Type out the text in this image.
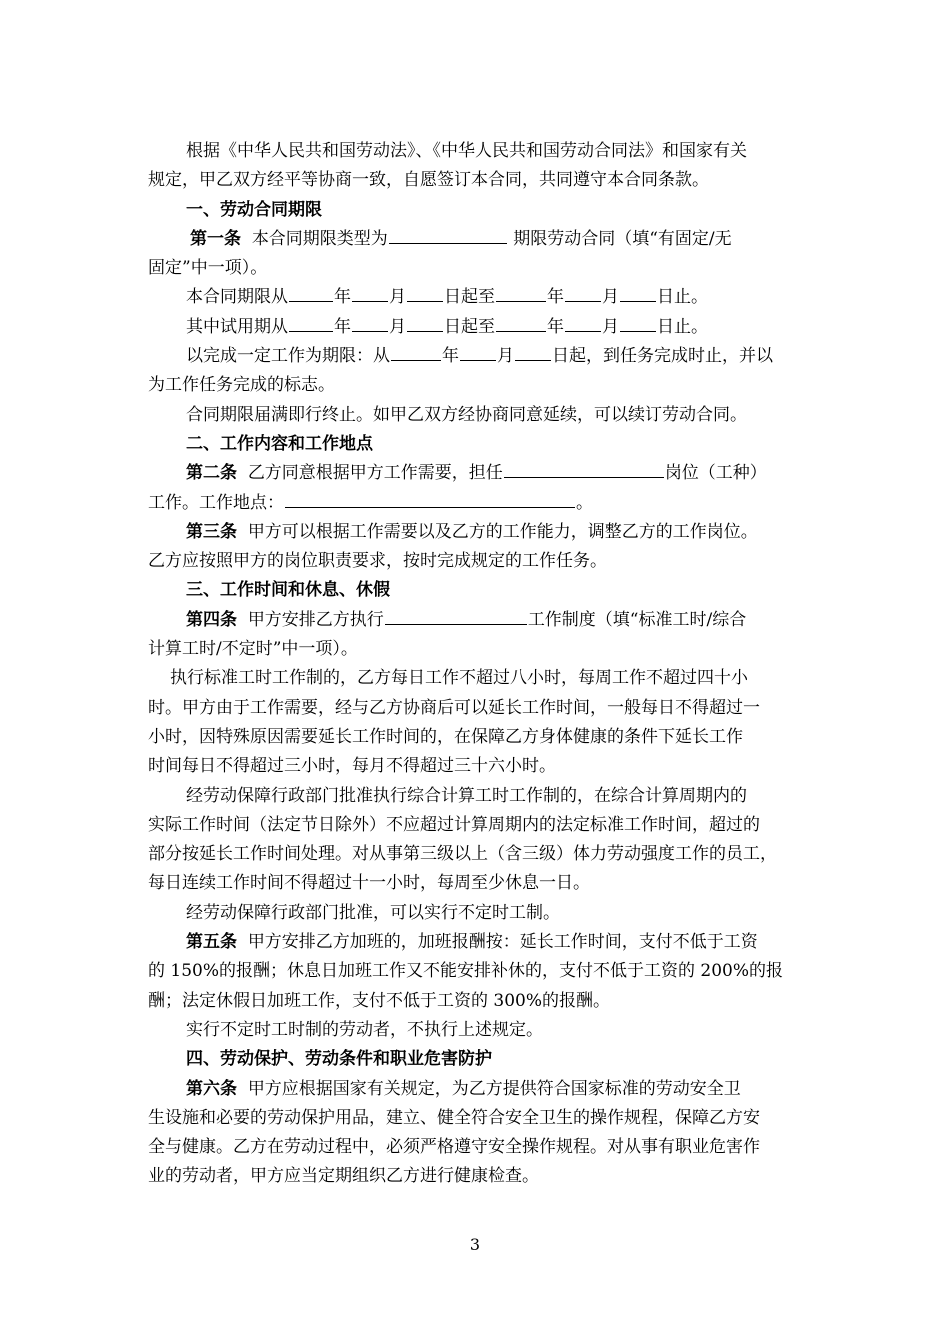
根据《中华人民共和国劳动法》、《中华人民共和国劳动合同法》和国家有关
规定，甲乙双方经平等协商一致，自愿签订本合同，共同遵守本合同条款。
一、劳动合同期限
第一条 本合同期限类型为	期限劳动合同（填“有固定/无
固定”中一项）。
本合同期限从	年 月 日起至	年 月 日止。
其中试用期从	年 月 日起至	年 月 日止。
以完成一定工作为期限：从	年 月 日起，到任务完成时止，并以
为工作任务完成的标志。
合同期限届满即行终止。如甲乙双方经协商同意延续，可以续订劳动合同。
二、工作内容和工作地点
第二条 乙方同意根据甲方工作需要，担任	岗位（工种）
工作。工作地点：	。
第三条 甲方可以根据工作需要以及乙方的工作能力，调整乙方的工作岗位。
乙方应按照甲方的岗位职责要求，按时完成规定的工作任务。
三、工作时间和休息、休假
第四条 甲方安排乙方执行	工作制度（填“标准工时/综合
计算工时/不定时”中一项）。
执行标准工时工作制的，乙方每日工作不超过八小时，每周工作不超过四十小
时。甲方由于工作需要，经与乙方协商后可以延长工作时间，一般每日不得超过一
小时，因特殊原因需要延长工作时间的，在保障乙方身体健康的条件下延长工作
时间每日不得超过三小时，每月不得超过三十六小时。
经劳动保障行政部门批准执行综合计算工时工作制的，在综合计算周期内的
实际工作时间（法定节日除外）不应超过计算周期内的法定标准工作时间，超过的
部分按延长工作时间处理。对从事第三级以上（含三级）体力劳动强度工作的员工，
每日连续工作时间不得超过十一小时，每周至少休息一日。
经劳动保障行政部门批准，可以实行不定时工制。
第五条 甲方安排乙方加班的，加班报酬按：延长工作时间，支付不低于工资
的 150%的报酬；休息日加班工作又不能安排补休的，支付不低于工资的 200%的报
酬；法定休假日加班工作，支付不低于工资的 300%的报酬。
实行不定时工时制的劳动者，不执行上述规定。
四、劳动保护、劳动条件和职业危害防护
第六条 甲方应根据国家有关规定，为乙方提供符合国家标准的劳动安全卫
生设施和必要的劳动保护用品，建立、健全符合安全卫生的操作规程，保障乙方安
全与健康。乙方在劳动过程中，必须严格遵守安全操作规程。对从事有职业危害作
业的劳动者，甲方应当定期组织乙方进行健康检查。
3
